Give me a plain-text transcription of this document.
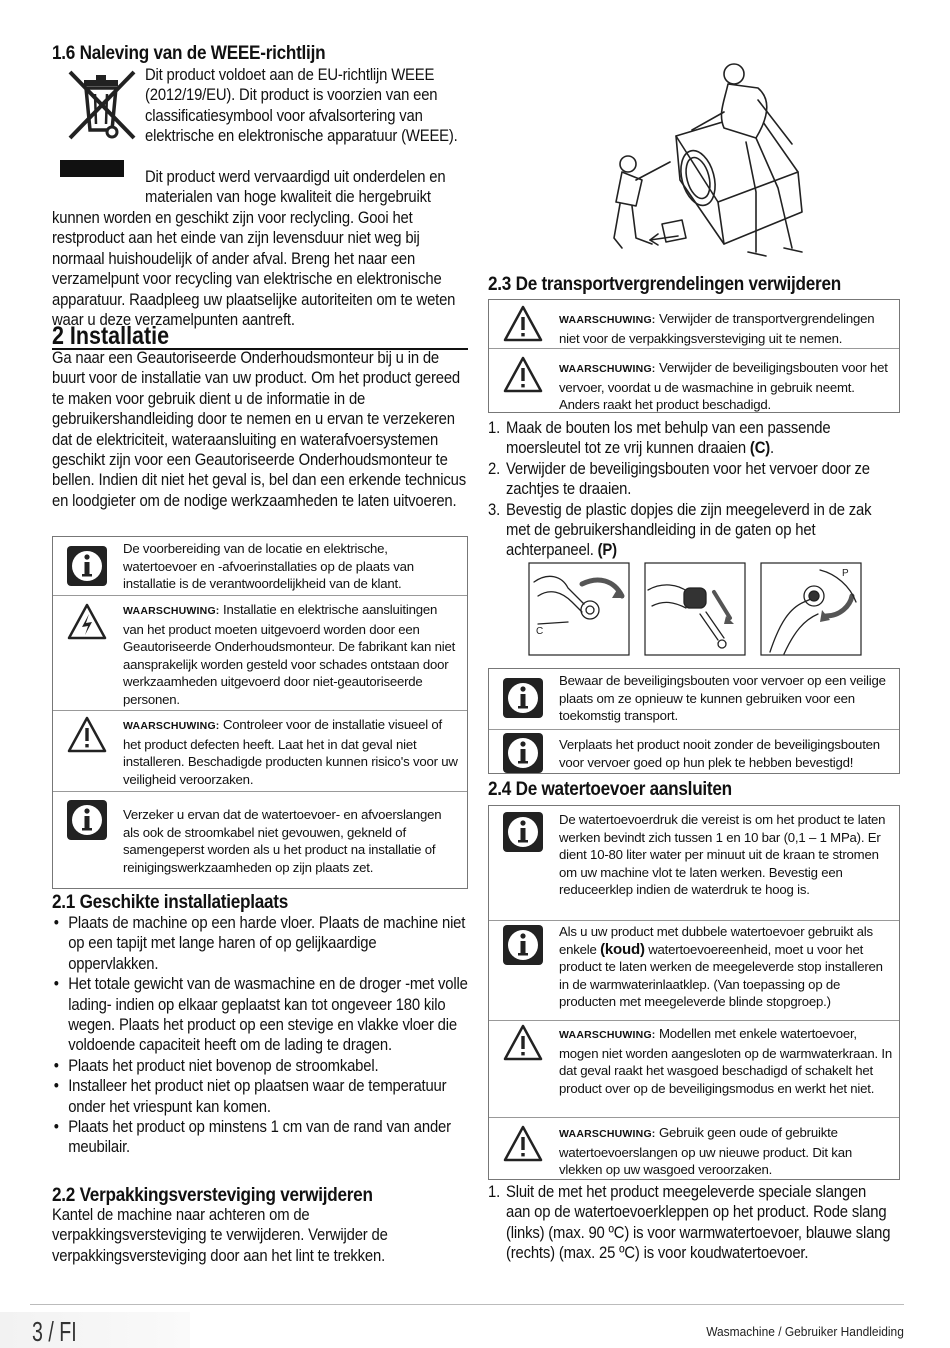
1.6 Naleving van de WEEE-richtlijn
Dit product voldoet aan de EU-richtlijn WEEE (2012/19/EU). Dit product is voorzien van een classificatiesymbool voor afvalsortering van elektrische en elektronische apparatuur (WEEE).
Dit product werd vervaardigd uit onderdelen en
materialen van hoge kwaliteit die hergebruikt
kunnen worden en geschikt zijn voor reclycling. Gooi het restproduct aan het einde van zijn levensduur niet weg bij normaal huishoudelijk of ander afval. Breng het naar een verzamelpunt voor recycling van elektrische en elektronische apparatuur. Raadpleeg uw plaatselijke autoriteiten om te weten waar u deze verzamelpunten aantreft.
2 Installatie
Ga naar een Geautoriseerde Onderhoudsmonteur bij u in de buurt voor de installatie van uw product. Om het product gereed te maken voor gebruik dient u de informatie in de gebruikershandleiding door te nemen en u ervan te verzekeren dat de elektriciteit, wateraansluiting en waterafvoersystemen geschikt zijn voor een Geautoriseerde Onderhoudsmonteur te bellen. Indien dit niet het geval is, bel dan een erkende technicus en loodgieter om de nodige werkzaamheden te laten uitvoeren.
De voorbereiding van de locatie en elektrische, watertoevoer en -afvoerinstallaties op de plaats van installatie is de verantwoordelijkheid van de klant.
WAARSCHUWING: Installatie en elektrische aansluitingen van het product moeten uitgevoerd worden door een Geautoriseerde Onderhoudsmonteur. De fabrikant kan niet aansprakelijk worden gesteld voor schades ontstaan door werkzaamheden uitgevoerd door niet-geautoriseerde personen.
WAARSCHUWING: Controleer voor de installatie visueel of het product defecten heeft. Laat het in dat geval niet installeren. Beschadigde producten kunnen risico's voor uw veiligheid veroorzaken.
Verzeker u ervan dat de watertoevoer- en afvoerslangen als ook de stroomkabel niet gevouwen, gekneld of samengeperst worden als u het product na installatie of reinigingswerkzaamheden op zijn plaats zet.
2.1 Geschikte installatieplaats
• Plaats de machine op een harde vloer. Plaats de machine niet op een tapijt met lange haren of op gelijkaardige oppervlakken.
• Het totale gewicht van de wasmachine en de droger -met volle lading- indien op elkaar geplaatst kan tot ongeveer 180 kilo wegen. Plaats het product op een stevige en vlakke vloer die voldoende capaciteit heeft om de lading te dragen.
• Plaats het product niet bovenop de stroomkabel.
• Installeer het product niet op plaatsen waar de temperatuur onder het vriespunt kan komen.
• Plaats het product op minstens 1 cm van de rand van ander meubilair.
2.2 Verpakkingsversteviging verwijderen
Kantel de machine naar achteren om de verpakkingsversteviging te verwijderen. Verwijder de verpakkingsversteviging door aan het lint te trekken.
2.3 De transportvergrendelingen verwijderen
WAARSCHUWING: Verwijder de transportvergrendelingen niet voor de verpakkingsversteviging uit te nemen.
WAARSCHUWING: Verwijder de beveiligingsbouten voor het vervoer, voordat u de wasmachine in gebruik neemt. Anders raakt het product beschadigd.
1. Maak de bouten los met behulp van een passende moersleutel tot ze vrij kunnen draaien (C).
2. Verwijder de beveiligingsbouten voor het vervoer door ze zachtjes te draaien.
3. Bevestig de plastic dopjes die zijn meegeleverd in de zak met de gebruikershandleiding in de gaten op het achterpaneel. (P)
C
P
Bewaar de beveiligingsbouten voor vervoer op een veilige plaats om ze opnieuw te kunnen gebruiken voor een toekomstig transport.
Verplaats het product nooit zonder de beveiligingsbouten voor vervoer goed op hun plek te hebben bevestigd!
2.4 De watertoevoer aansluiten
De watertoevoerdruk die vereist is om het product te laten werken bevindt zich tussen 1 en 10 bar (0,1 – 1 MPa). Er dient 10-80 liter water per minuut uit de kraan te stromen om uw machine vlot te laten werken. Bevestig een reduceerklep indien de waterdruk te hoog is.
Als u uw product met dubbele watertoevoer gebruikt als enkele (koud) watertoevoereenheid, moet u voor het product te laten werken de meegeleverde stop installeren in de warmwaterinlaatklep. (Van toepassing op de producten met meegeleverde blinde stopgroep.)
WAARSCHUWING: Modellen met enkele watertoevoer, mogen niet worden aangesloten op de warmwaterkraan. In dat geval raakt het wasgoed beschadigd of schakelt het product over op de beveiligingsmodus en werkt het niet.
WAARSCHUWING: Gebruik geen oude of gebruikte watertoevoerslangen op uw nieuwe product. Dit kan vlekken op uw wasgoed veroorzaken.
1. Sluit de met het product meegeleverde speciale slangen aan op de watertoevoerkleppen op het product. Rode slang (links) (max. 90 ºC) is voor warmwatertoevoer, blauwe slang (rechts) (max. 25 ºC) is voor koudwatertoevoer.
3 / FI	Wasmachine / Gebruiker Handleiding
